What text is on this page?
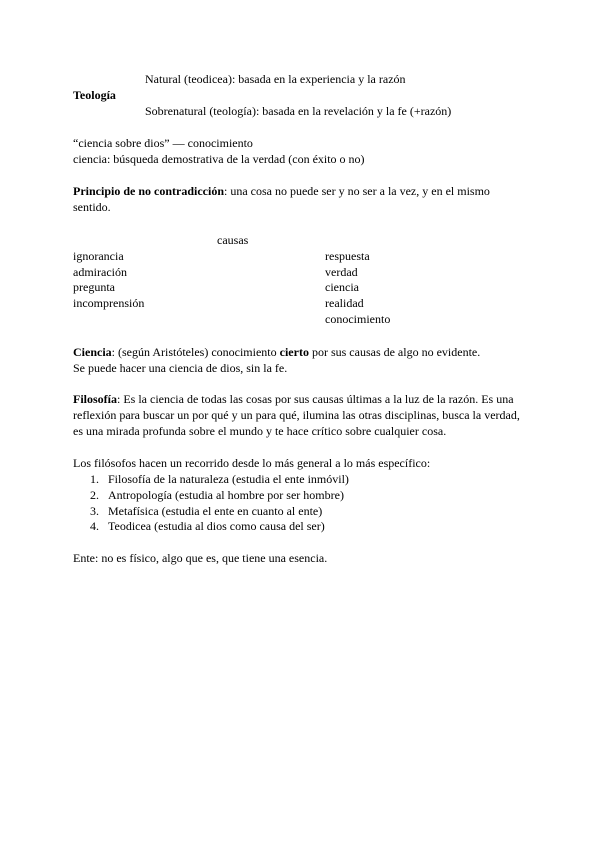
Natural (teodicea): basada en la experiencia y la razón
Teología
Sobrenatural (teología): basada en la revelación y la fe (+razón)
“ciencia sobre dios” — conocimiento
ciencia: búsqueda demostrativa de la verdad (con éxito o no)
Principio de no contradicción: una cosa no puede ser y no ser a la vez, y en el mismo
sentido.
causas
ignorancia
admiración
pregunta
incomprensión
respuesta
verdad
ciencia
realidad
conocimiento
Ciencia: (según Aristóteles) conocimiento cierto por sus causas de algo no evidente.
Se puede hacer una ciencia de dios, sin la fe.
Filosofía: Es la ciencia de todas las cosas por sus causas últimas a la luz de la razón. Es una
reflexión para buscar un por qué y un para qué, ilumina las otras disciplinas, busca la verdad,
es una mirada profunda sobre el mundo y te hace crítico sobre cualquier cosa.
Los filósofos hacen un recorrido desde lo más general a lo más específico:
1. Filosofía de la naturaleza (estudia el ente inmóvil)
2. Antropología (estudia al hombre por ser hombre)
3. Metafísica (estudia el ente en cuanto al ente)
4. Teodicea (estudia al dios como causa del ser)
Ente: no es físico, algo que es, que tiene una esencia.
